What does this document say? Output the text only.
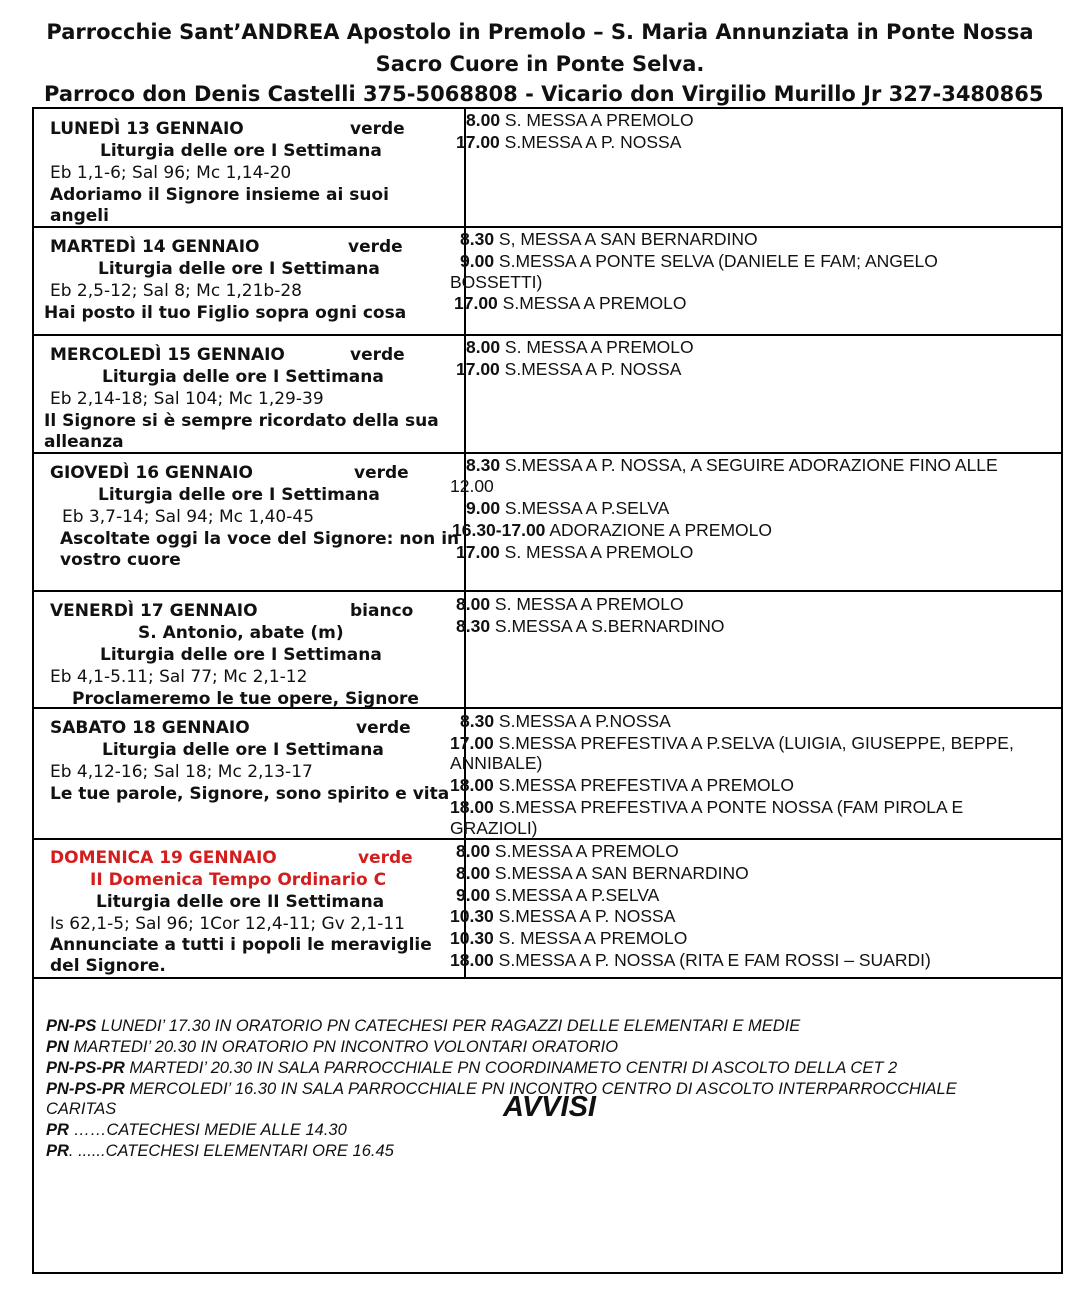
Parrocchie Sant’ANDREA Apostolo in Premolo – S. Maria Annunziata in Ponte Nossa
Sacro Cuore in Ponte Selva.
Parroco don Denis Castelli 375-5068808 - Vicario don Virgilio Murillo Jr 327-3480865
LUNEDÌ 13 GENNAIO	verde
Liturgia delle ore I Settimana
Eb 1,1-6; Sal 96; Mc 1,14-20
Adoriamo il Signore insieme ai suoi
angeli
8.00 S. MESSA A PREMOLO
17.00 S.MESSA A P. NOSSA
MARTEDÌ 14 GENNAIO	verde
Liturgia delle ore I Settimana
Eb 2,5-12; Sal 8; Mc 1,21b-28
Hai posto il tuo Figlio sopra ogni cosa
8.30 S, MESSA A SAN BERNARDINO
9.00 S.MESSA A PONTE SELVA (DANIELE E FAM; ANGELO
BOSSETTI)
17.00 S.MESSA A PREMOLO
MERCOLEDÌ 15 GENNAIO	verde
Liturgia delle ore I Settimana
Eb 2,14-18; Sal 104; Mc 1,29-39
Il Signore si è sempre ricordato della sua
alleanza
8.00 S. MESSA A PREMOLO
17.00 S.MESSA A P. NOSSA
GIOVEDÌ 16 GENNAIO	verde
Liturgia delle ore I Settimana
Eb 3,7-14; Sal 94; Mc 1,40-45
Ascoltate oggi la voce del Signore: non in
vostro cuore
8.30 S.MESSA A P. NOSSA, A SEGUIRE ADORAZIONE FINO ALLE
12.00
9.00 S.MESSA A P.SELVA
16.30-17.00 ADORAZIONE A PREMOLO
17.00 S. MESSA A PREMOLO
VENERDÌ 17 GENNAIO	bianco
S. Antonio, abate (m)
Liturgia delle ore I Settimana
Eb 4,1-5.11; Sal 77; Mc 2,1-12
Proclameremo le tue opere, Signore
8.00 S. MESSA A PREMOLO
8.30 S.MESSA A S.BERNARDINO
SABATO 18 GENNAIO	verde
Liturgia delle ore I Settimana
Eb 4,12-16; Sal 18; Mc 2,13-17
Le tue parole, Signore, sono spirito e vita
8.30 S.MESSA A P.NOSSA
17.00 S.MESSA PREFESTIVA A P.SELVA (LUIGIA, GIUSEPPE, BEPPE,
ANNIBALE)
18.00 S.MESSA PREFESTIVA A PREMOLO
18.00 S.MESSA PREFESTIVA A PONTE NOSSA (FAM PIROLA E
GRAZIOLI)
DOMENICA 19 GENNAIO	verde
II Domenica Tempo Ordinario C
Liturgia delle ore II Settimana
Is 62,1-5; Sal 96; 1Cor 12,4-11; Gv 2,1-11
Annunciate a tutti i popoli le meraviglie
del Signore.
8.00 S.MESSA A PREMOLO
8.00 S.MESSA A SAN BERNARDINO
9.00 S.MESSA A P.SELVA
10.30 S.MESSA A P. NOSSA
10.30 S. MESSA A PREMOLO
18.00 S.MESSA A P. NOSSA (RITA E FAM ROSSI – SUARDI)
AVVISI
PN-PS LUNEDI’ 17.30 IN ORATORIO PN CATECHESI PER RAGAZZI DELLE ELEMENTARI E MEDIE
PN MARTEDI’ 20.30 IN ORATORIO PN INCONTRO VOLONTARI ORATORIO
PN-PS-PR MARTEDI’ 20.30 IN SALA PARROCCHIALE PN COORDINAMETO CENTRI DI ASCOLTO DELLA CET 2
PN-PS-PR MERCOLEDI’ 16.30 IN SALA PARROCCHIALE PN INCONTRO CENTRO DI ASCOLTO INTERPARROCCHIALE
CARITAS
PR ……CATECHESI MEDIE ALLE 14.30
PR. ......CATECHESI ELEMENTARI ORE 16.45
